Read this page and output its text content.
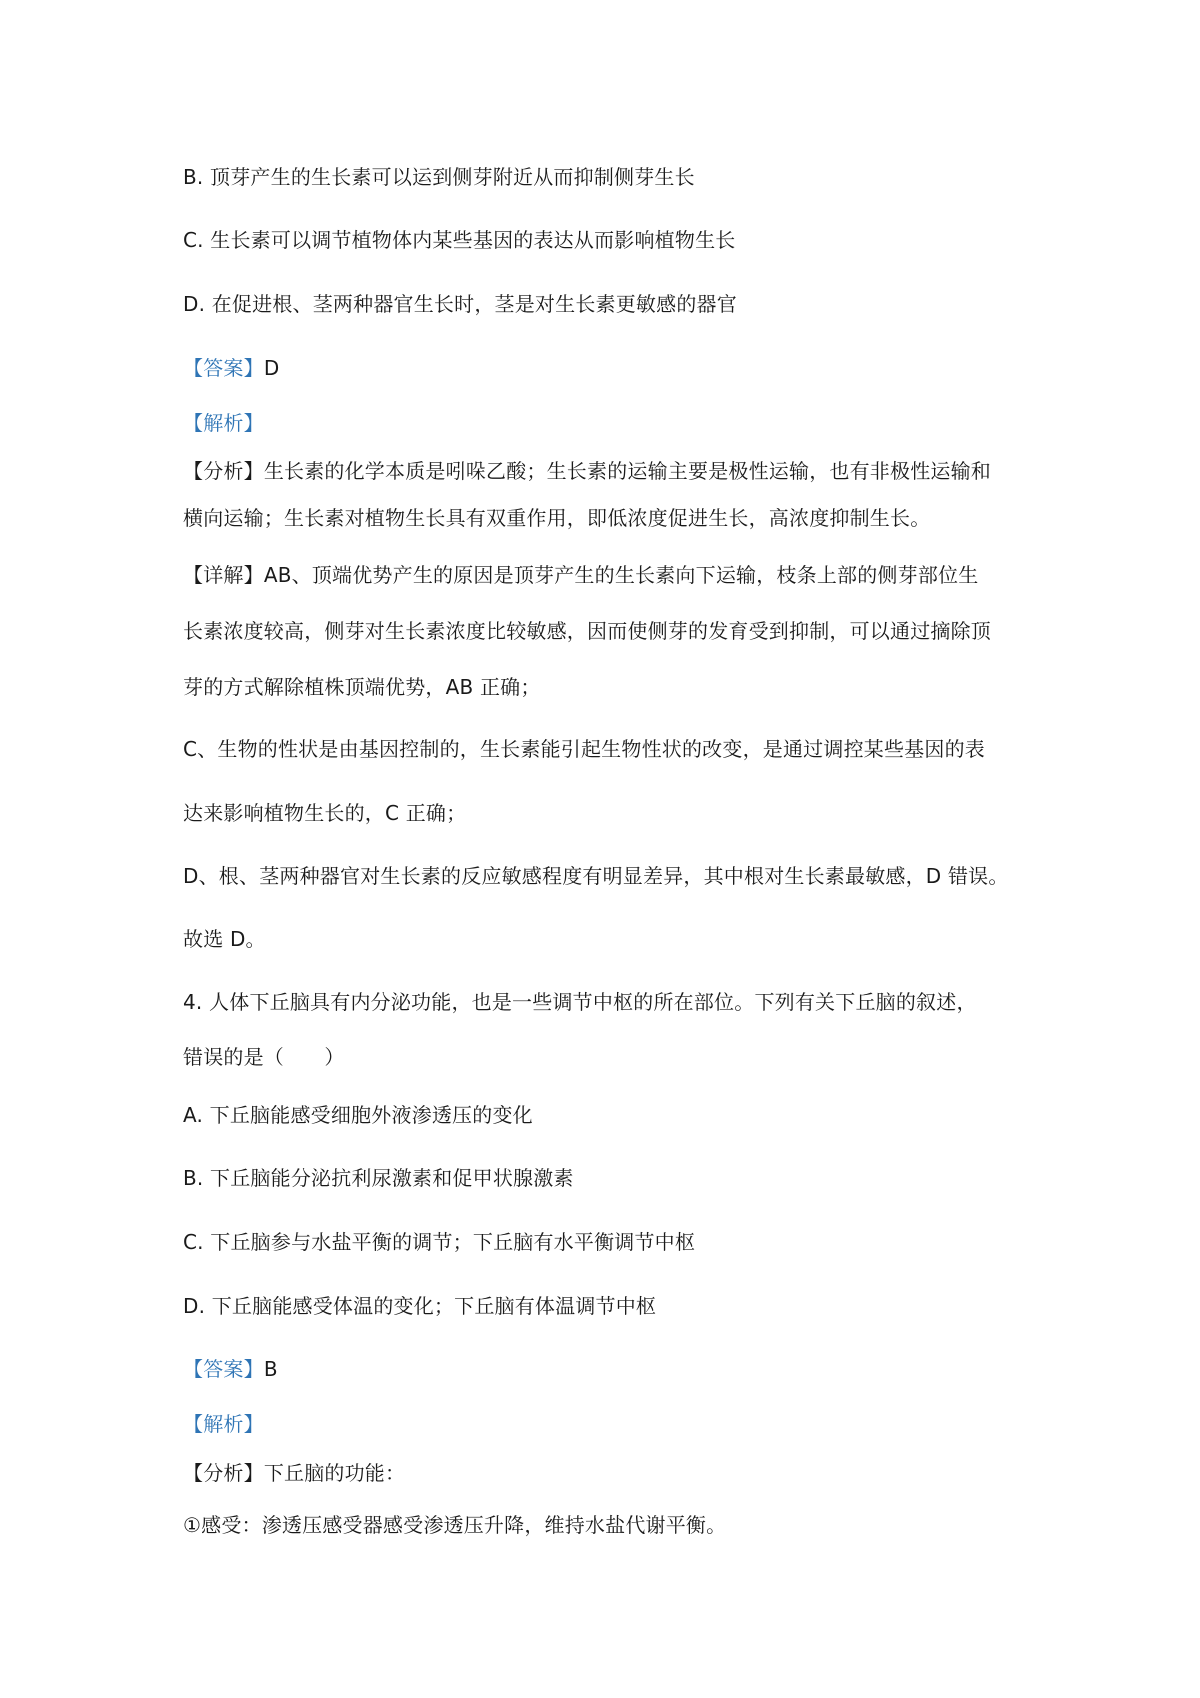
B. 顶芽产生的生长素可以运到侧芽附近从而抑制侧芽生长
C. 生长素可以调节植物体内某些基因的表达从而影响植物生长
D. 在促进根、茎两种器官生长时，茎是对生长素更敏感的器官
【答案】D
【解析】
【分析】生长素的化学本质是吲哚乙酸；生长素的运输主要是极性运输，也有非极性运输和
横向运输；生长素对植物生长具有双重作用，即低浓度促进生长，高浓度抑制生长。
【详解】AB、顶端优势产生的原因是顶芽产生的生长素向下运输，枝条上部的侧芽部位生
长素浓度较高，侧芽对生长素浓度比较敏感，因而使侧芽的发育受到抑制，可以通过摘除顶
芽的方式解除植株顶端优势，AB 正确；
C、生物的性状是由基因控制的，生长素能引起生物性状的改变，是通过调控某些基因的表
达来影响植物生长的，C 正确；
D、根、茎两种器官对生长素的反应敏感程度有明显差异，其中根对生长素最敏感，D 错误。
故选 D。
4. 人体下丘脑具有内分泌功能，也是一些调节中枢的所在部位。下列有关下丘脑的叙述，
错误的是（　　）
A. 下丘脑能感受细胞外液渗透压的变化
B. 下丘脑能分泌抗利尿激素和促甲状腺激素
C. 下丘脑参与水盐平衡的调节；下丘脑有水平衡调节中枢
D. 下丘脑能感受体温的变化；下丘脑有体温调节中枢
【答案】B
【解析】
【分析】下丘脑的功能：
①感受：渗透压感受器感受渗透压升降，维持水盐代谢平衡。
